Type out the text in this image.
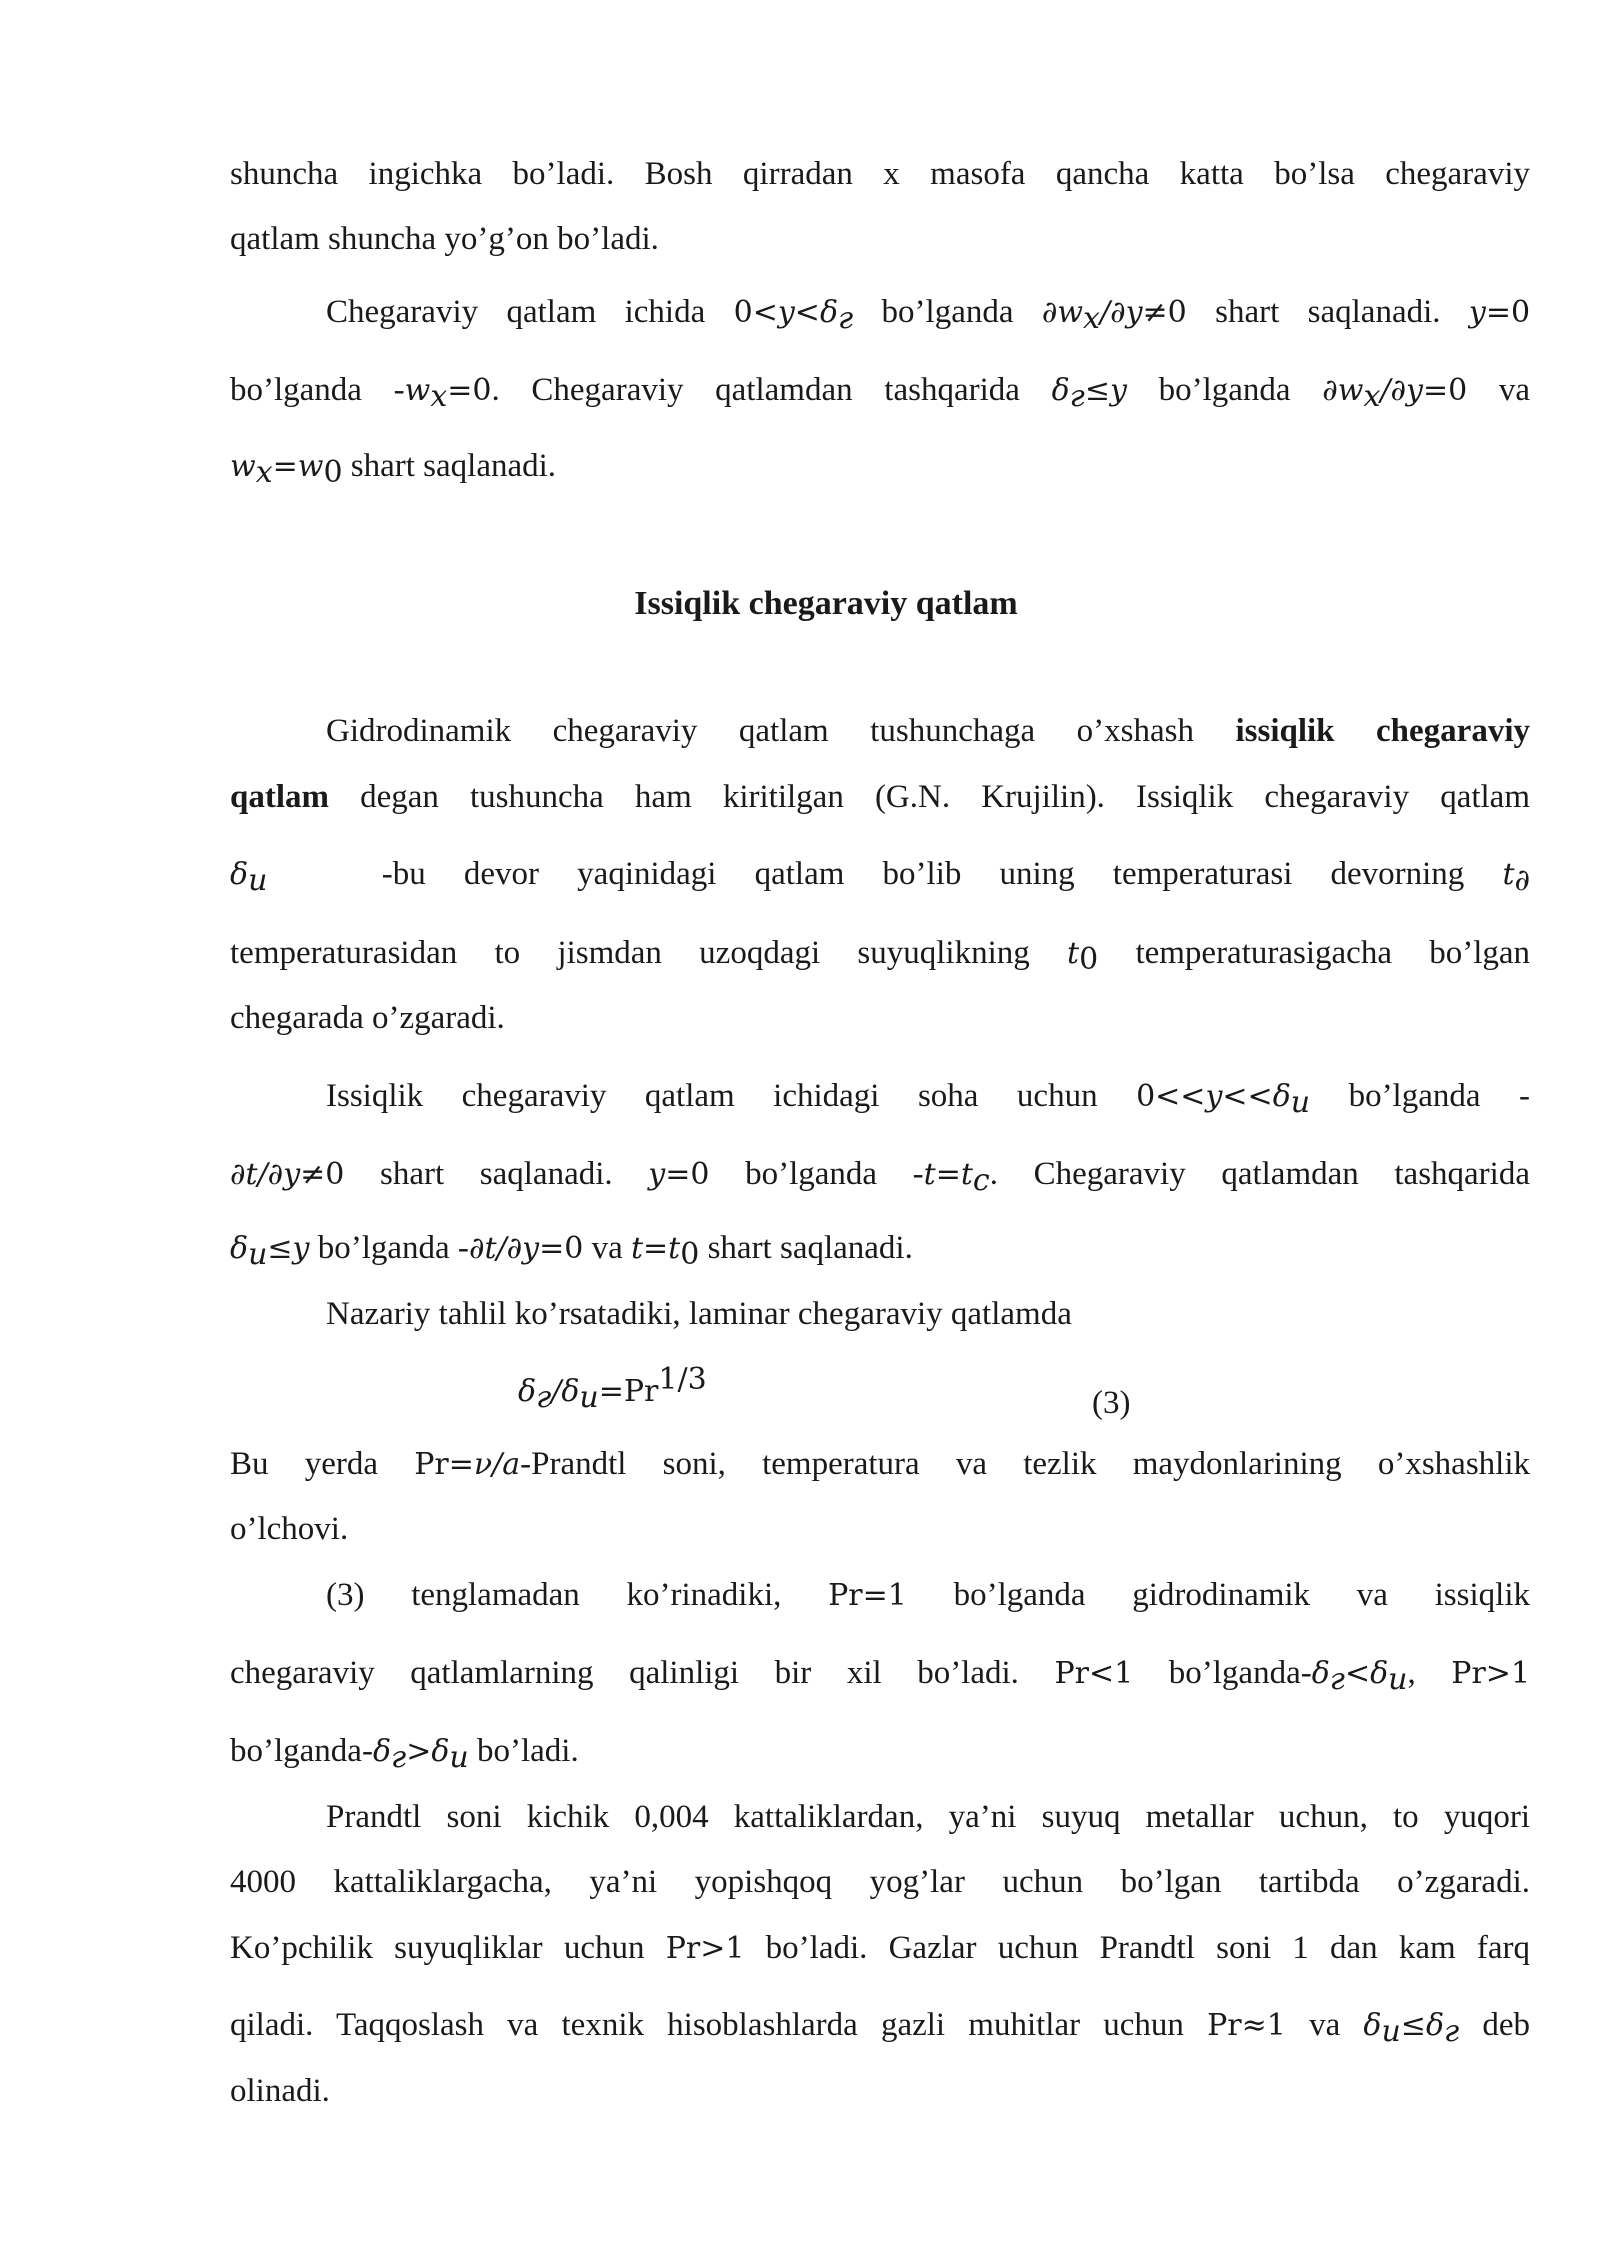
shuncha ingichka bo’ladi. Bosh qirradan x masofa qancha katta bo’lsa chegaraviy
qatlam shuncha yo’g’on bo’ladi.
Chegaraviy qatlam ichida $0<y<\delta_г$ bo’lganda $\partial w_x/\partial y\ne 0$ shart saqlanadi. y=0
bo’lganda $-w_x=0$. Chegaraviy qatlamdan tashqarida $\delta_г\le y$ bo’lganda $\partial w_x/\partial y=0$ va
$w_x=w_0$ shart saqlanadi.
Issiqlik chegaraviy qatlam
Gidrodinamik chegaraviy qatlam tushunchaga o’xshash issiqlik chegaraviy
qatlam degan tushuncha ham kiritilgan (G.N. Krujilin). Issiqlik chegaraviy qatlam
$\delta_и$	-bu devor yaqinidagi qatlam bo’lib uning temperaturasi devorning $t_\partial$
temperaturasidan to jismdan uzoqdagi suyuqlikning $t_0$ temperaturasigacha bo’lgan
chegarada o’zgaradi.
Issiqlik chegaraviy qatlam ichidagi soha uchun $0<<y<<\delta_и$ bo’lganda -
∂t/∂y≠0 shart saqlanadi. y=0 bo’lganda $-t=t_c$. Chegaraviy qatlamdan tashqarida
$\delta_и\le y$ bo’lganda -∂t/∂y=0 va $t=t_0$ shart saqlanadi.
Nazariy tahlil ko’rsatadiki, laminar chegaraviy qatlamda
$\delta_г/\delta_и=Pr^{1/3}$
(3)
Bu yerda Pr=ν/a-Prandtl soni, temperatura va tezlik maydonlarining o’xshashlik
o’lchovi.
(3) tenglamadan ko’rinadiki, Pr=1 bo’lganda gidrodinamik va issiqlik
chegaraviy qatlamlarning qalinligi bir xil bo’ladi. Pr<1 $bo’lganda-\delta_г<\delta_и$, Pr>1
$bo’lganda-\delta_г>\delta_и$ bo’ladi.
Prandtl soni kichik 0,004 kattaliklardan, ya’ni suyuq metallar uchun, to yuqori
4000 kattaliklargacha, ya’ni yopishqoq yog’lar uchun bo’lgan tartibda o’zgaradi.
Ko’pchilik suyuqliklar uchun Pr>1 bo’ladi. Gazlar uchun Prandtl soni 1 dan kam farq
qiladi. Taqqoslash va texnik hisoblashlarda gazli muhitlar uchun Pr≈1 va $\delta_и\le\delta_г$ deb
olinadi.
